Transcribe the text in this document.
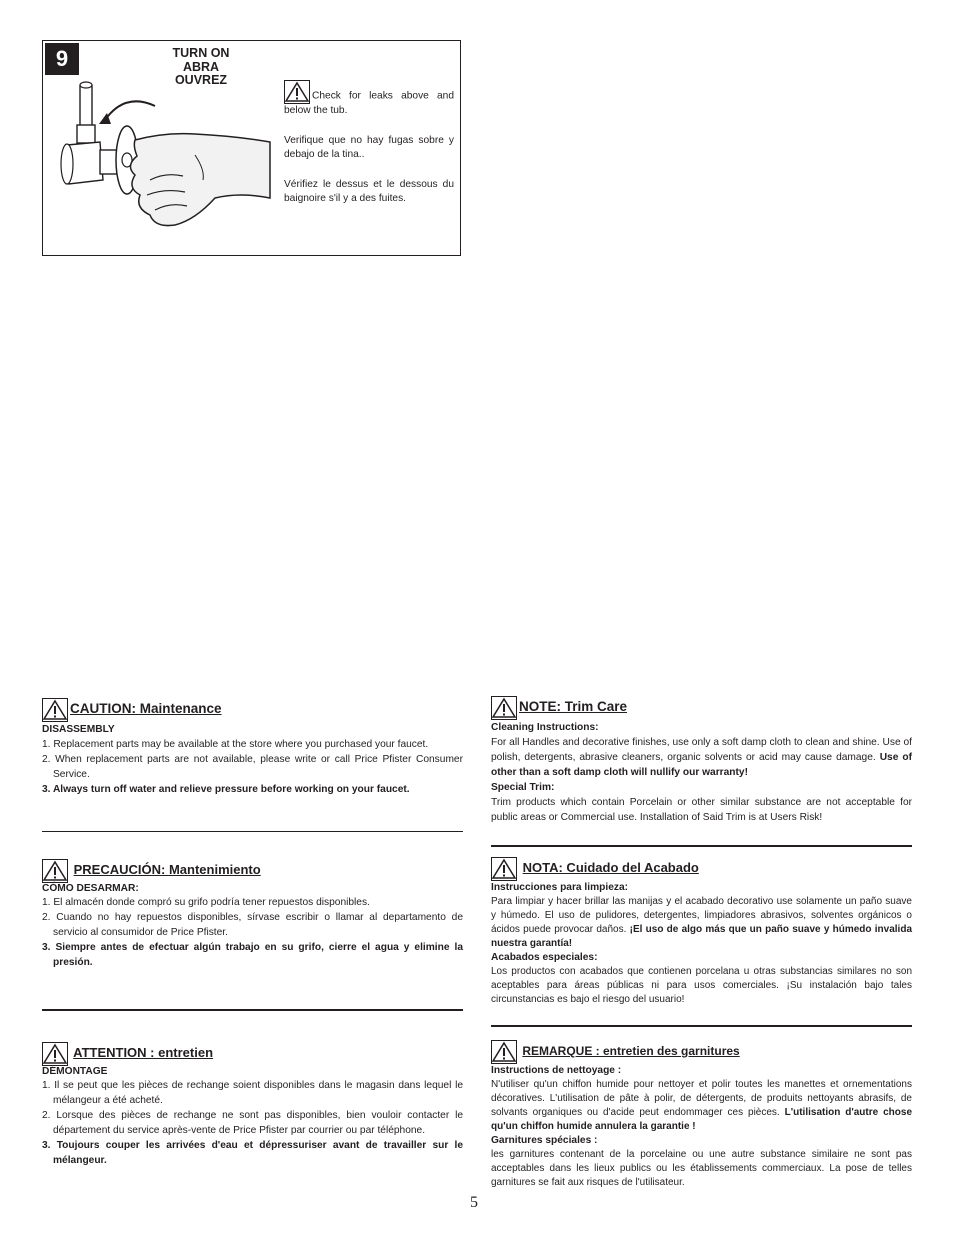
9	TURN ON
ABRA
OUVREZ

Check for leaks above and below the tub.

Verifique que no hay fugas sobre y debajo de la tina..

Vérifiez le dessus et le dessous du baignoire s'il y a des fuites.

CAUTION: Maintenance
DISASSEMBLY
1. Replacement parts may be available at the store where you purchased your faucet.
2. When replacement parts are not available, please write or call Price Pfister Consumer Service.
3. Always turn off water and relieve pressure before working on your faucet.
PRECAUCIÓN: Mantenimiento
CÓMO DESARMAR:
1. El almacén donde compró su grifo podría tener repuestos disponibles.
2. Cuando no hay repuestos disponibles, sírvase escribir o llamar al departamento de servicio al consumidor de Price Pfister.
3. Siempre antes de efectuar algún trabajo en su grifo, cierre el agua y elimine la presión.
ATTENTION : entretien
DÉMONTAGE
1. Il se peut que les pièces de rechange soient disponibles dans le magasin dans lequel le mélangeur a été acheté.
2. Lorsque des pièces de rechange ne sont pas disponibles, bien vouloir contacter le département du service après-vente de Price Pfister par courrier ou par téléphone.
3. Toujours couper les arrivées d'eau et dépressuriser avant de travailler sur le mélangeur.
NOTE: Trim Care
Cleaning Instructions:

For all Handles and decorative finishes, use only a soft damp cloth to clean and shine. Use of polish, detergents, abrasive cleaners, organic solvents or acid may cause damage. Use of other than a soft damp cloth will nullify our warranty!

Special Trim:

Trim products which contain Porcelain or other similar substance are not acceptable for public areas or Commercial use. Installation of Said Trim is at Users Risk!

NOTA: Cuidado del Acabado
Instrucciones para limpieza:

Para limpiar y hacer brillar las manijas y el acabado decorativo use solamente un paño suave y húmedo. El uso de pulidores, detergentes, limpiadores abrasivos, solventes orgánicos o ácidos puede provocar daños. ¡El uso de algo más que un paño suave y húmedo invalida nuestra garantía!

Acabados especiales:

Los productos con acabados que contienen porcelana u otras substancias similares no son aceptables para áreas públicas ni para usos comerciales. ¡Su instalación bajo tales circunstancias es bajo el riesgo del usuario!

REMARQUE : entretien des garnitures
Instructions de nettoyage :

N'utiliser qu'un chiffon humide pour nettoyer et polir toutes les manettes et ornementations décoratives. L'utilisation de pâte à polir, de détergents, de produits nettoyants abrasifs, de solvants organiques ou d'acide peut endommager ces pièces. L'utilisation d'autre chose qu'un chiffon humide annulera la garantie !

Garnitures spéciales :

les garnitures contenant de la porcelaine ou une autre substance similaire ne sont pas acceptables dans les lieux publics ou les établissements commerciaux. La pose de telles garnitures se fait aux risques de l'utilisateur.

5
